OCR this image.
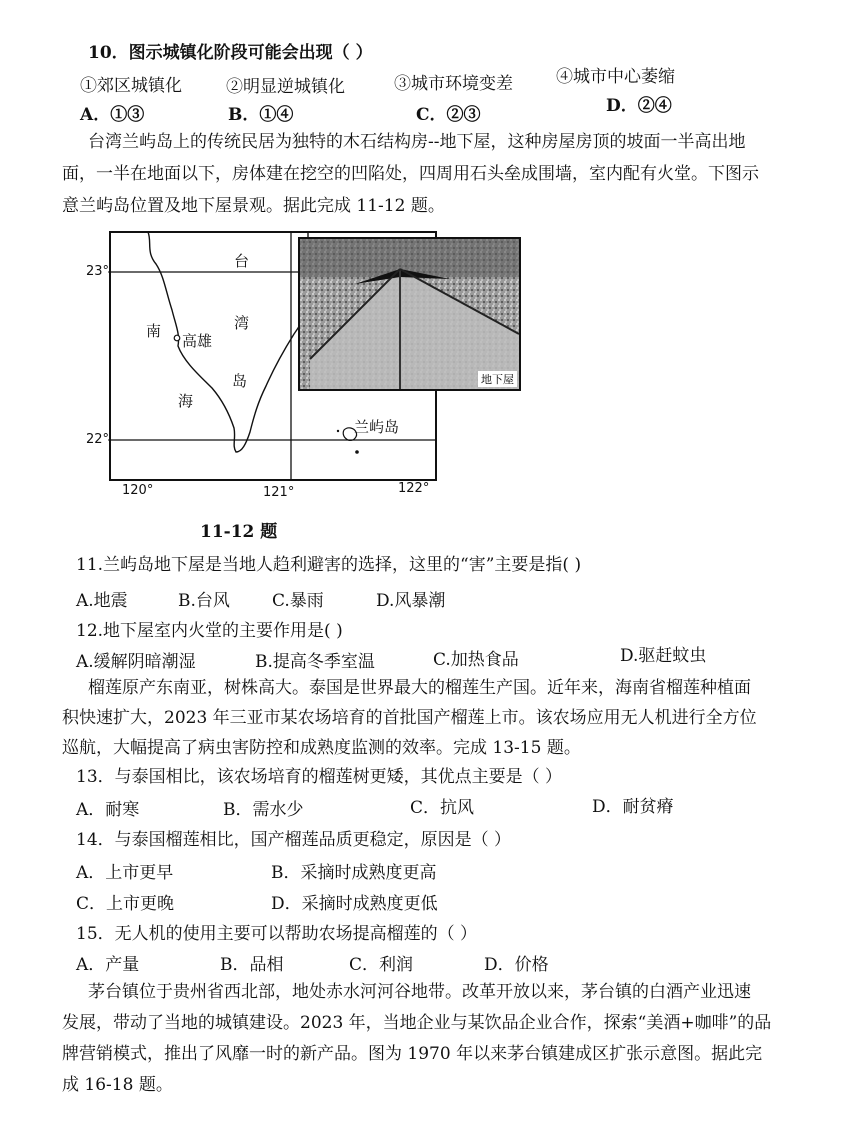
10．图示城镇化阶段可能会出现（ ）
①郊区城镇化	②明显逆城镇化	③城市环境变差	④城市中心萎缩
A．①③	B．①④	C．②③	D．②④
台湾兰屿岛上的传统民居为独特的木石结构房--地下屋，这种房屋房顶的坡面一半高出地
面，一半在地面以下，房体建在挖空的凹陷处，四周用石头垒成围墙，室内配有火堂。下图示
意兰屿岛位置及地下屋景观。据此完成 11-12 题。
台
湾
岛
南
海
高雄
兰屿岛
23°
22°
120°	121°	122°
地下屋
11-12 题
11.兰屿岛地下屋是当地人趋利避害的选择，这里的“害”主要是指( )
A.地震	B.台风 C.暴雨	D.风暴潮
12.地下屋室内火堂的主要作用是( )
A.缓解阴暗潮湿	B.提高冬季室温	C.加热食品	D.驱赶蚊虫
榴莲原产东南亚，树株高大。泰国是世界最大的榴莲生产国。近年来，海南省榴莲种植面
积快速扩大，2023 年三亚市某农场培育的首批国产榴莲上市。该农场应用无人机进行全方位
巡航，大幅提高了病虫害防控和成熟度监测的效率。完成 13-15 题。
13．与泰国相比，该农场培育的榴莲树更矮，其优点主要是（ ）
A．耐寒	B．需水少	C．抗风	D．耐贫瘠
14．与泰国榴莲相比，国产榴莲品质更稳定，原因是（ ）
A．上市更早	B．采摘时成熟度更高
C．上市更晚	D．采摘时成熟度更低
15．无人机的使用主要可以帮助农场提高榴莲的（ ）
A．产量	B．品相	C．利润	D．价格
茅台镇位于贵州省西北部，地处赤水河河谷地带。改革开放以来，茅台镇的白酒产业迅速
发展，带动了当地的城镇建设。2023 年，当地企业与某饮品企业合作，探索“美酒+咖啡”的品
牌营销模式，推出了风靡一时的新产品。图为 1970 年以来茅台镇建成区扩张示意图。据此完
成 16-18 题。
